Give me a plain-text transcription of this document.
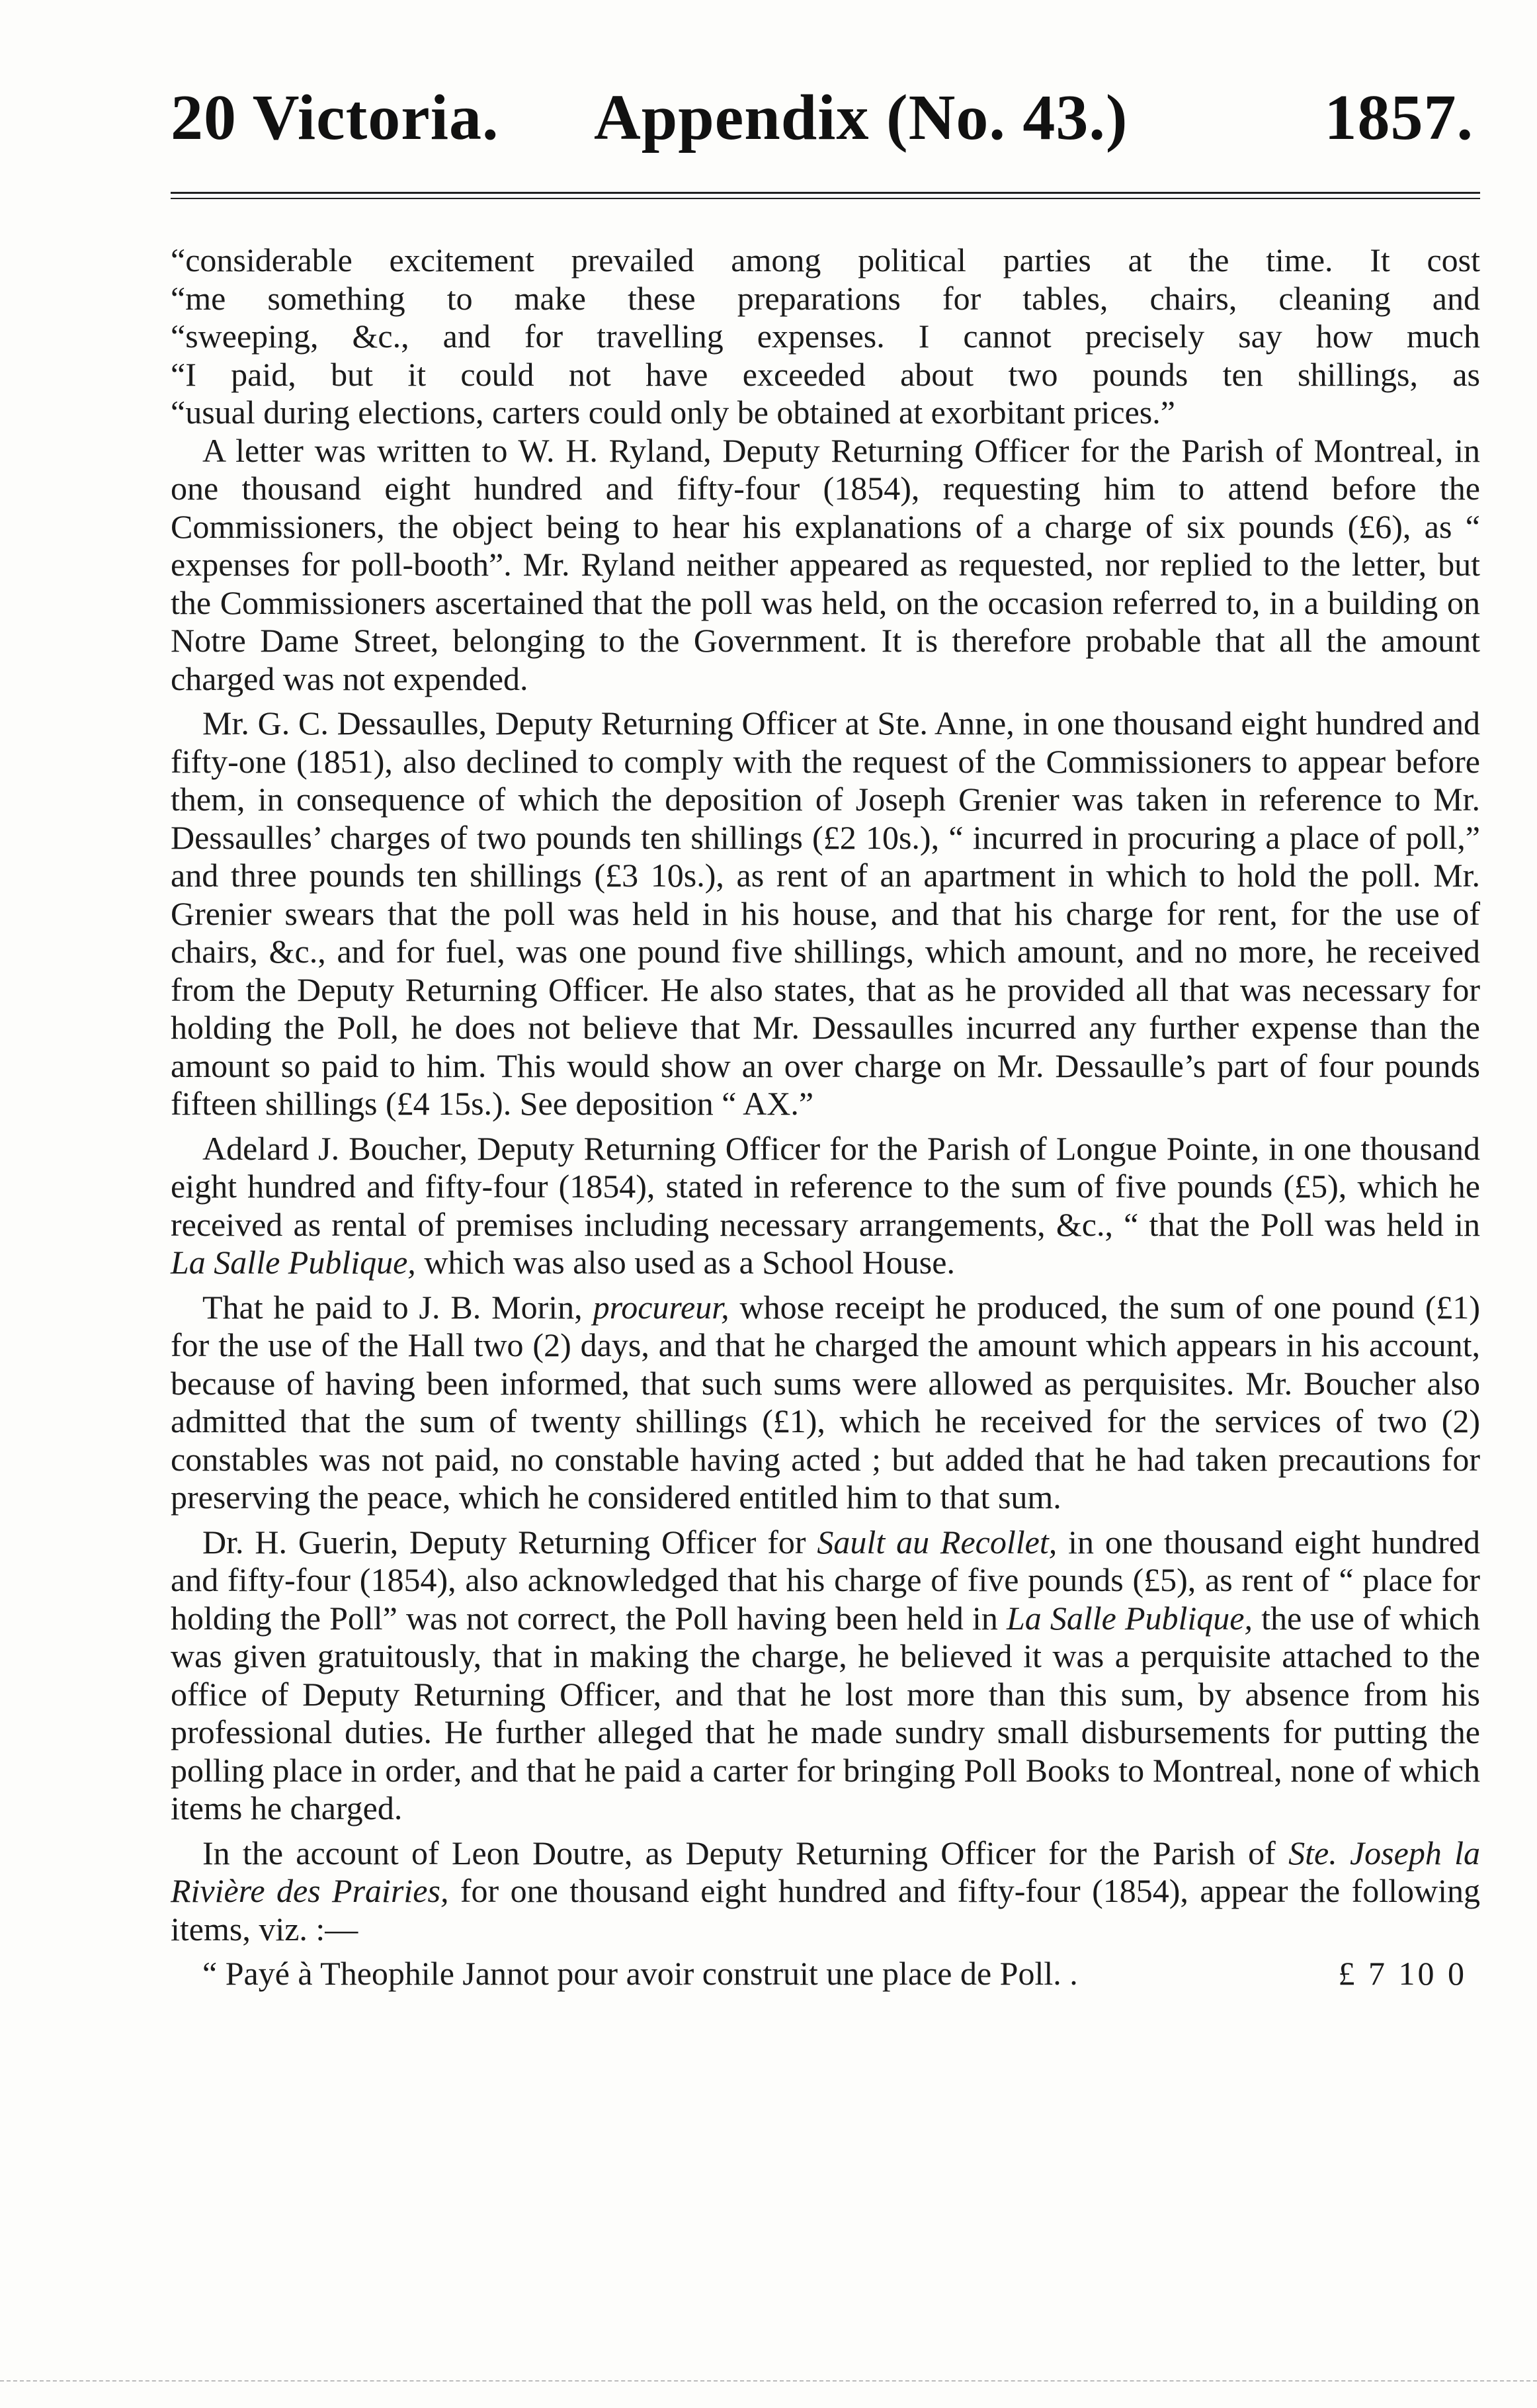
20 Victoria. Appendix (No. 43.)	1857.

“considerable excitement prevailed among political parties at the time. It cost
“me something to make these preparations for tables, chairs, cleaning and
“sweeping, &c., and for travelling expenses. I cannot precisely say how much
“I paid, but it could not have exceeded about two pounds ten shillings, as
“usual during elections, carters could only be obtained at exorbitant prices.”

A letter was written to W. H. Ryland, Deputy Returning Officer for the Parish of Montreal, in one thousand eight hundred and fifty-four (1854), requesting him to attend before the Commissioners, the object being to hear his explanations of a charge of six pounds (£6), as “ expenses for poll-booth”. Mr. Ryland neither appeared as requested, nor replied to the letter, but the Commissioners ascertained that the poll was held, on the occasion referred to, in a building on Notre Dame Street, belonging to the Government. It is therefore probable that all the amount charged was not expended.

Mr. G. C. Dessaulles, Deputy Returning Officer at Ste. Anne, in one thousand eight hundred and fifty-one (1851), also declined to comply with the request of the Commissioners to appear before them, in consequence of which the deposition of Joseph Grenier was taken in reference to Mr. Dessaulles’ charges of two pounds ten shillings (£2 10s.), “ incurred in procuring a place of poll,” and three pounds ten shillings (£3 10s.), as rent of an apartment in which to hold the poll. Mr. Grenier swears that the poll was held in his house, and that his charge for rent, for the use of chairs, &c., and for fuel, was one pound five shillings, which amount, and no more, he received from the Deputy Returning Officer. He also states, that as he provided all that was necessary for holding the Poll, he does not believe that Mr. Dessaulles incurred any further expense than the amount so paid to him. This would show an over charge on Mr. Dessaulle’s part of four pounds fifteen shillings (£4 15s.). See deposition “ AX.”

Adelard J. Boucher, Deputy Returning Officer for the Parish of Longue Pointe, in one thousand eight hundred and fifty-four (1854), stated in reference to the sum of five pounds (£5), which he received as rental of premises including necessary arrangements, &c., “ that the Poll was held in La Salle Publique, which was also used as a School House.

That he paid to J. B. Morin, procureur, whose receipt he produced, the sum of one pound (£1) for the use of the Hall two (2) days, and that he charged the amount which appears in his account, because of having been informed, that such sums were allowed as perquisites. Mr. Boucher also admitted that the sum of twenty shillings (£1), which he received for the services of two (2) constables was not paid, no constable having acted ; but added that he had taken precautions for preserving the peace, which he considered entitled him to that sum.

Dr. H. Guerin, Deputy Returning Officer for Sault au Recollet, in one thousand eight hundred and fifty-four (1854), also acknowledged that his charge of five pounds (£5), as rent of “ place for holding the Poll” was not correct, the Poll having been held in La Salle Publique, the use of which was given gratuitously, that in making the charge, he believed it was a perquisite attached to the office of Deputy Returning Officer, and that he lost more than this sum, by absence from his professional duties. He further alleged that he made sundry small disbursements for putting the polling place in order, and that he paid a carter for bringing Poll Books to Montreal, none of which items he charged.

In the account of Leon Doutre, as Deputy Returning Officer for the Parish of Ste. Joseph la Rivière des Prairies, for one thousand eight hundred and fifty-four (1854), appear the following items, viz. :—

“ Payé à Theophile Jannot pour avoir construit une place de Poll. .	£ 7 10 0
